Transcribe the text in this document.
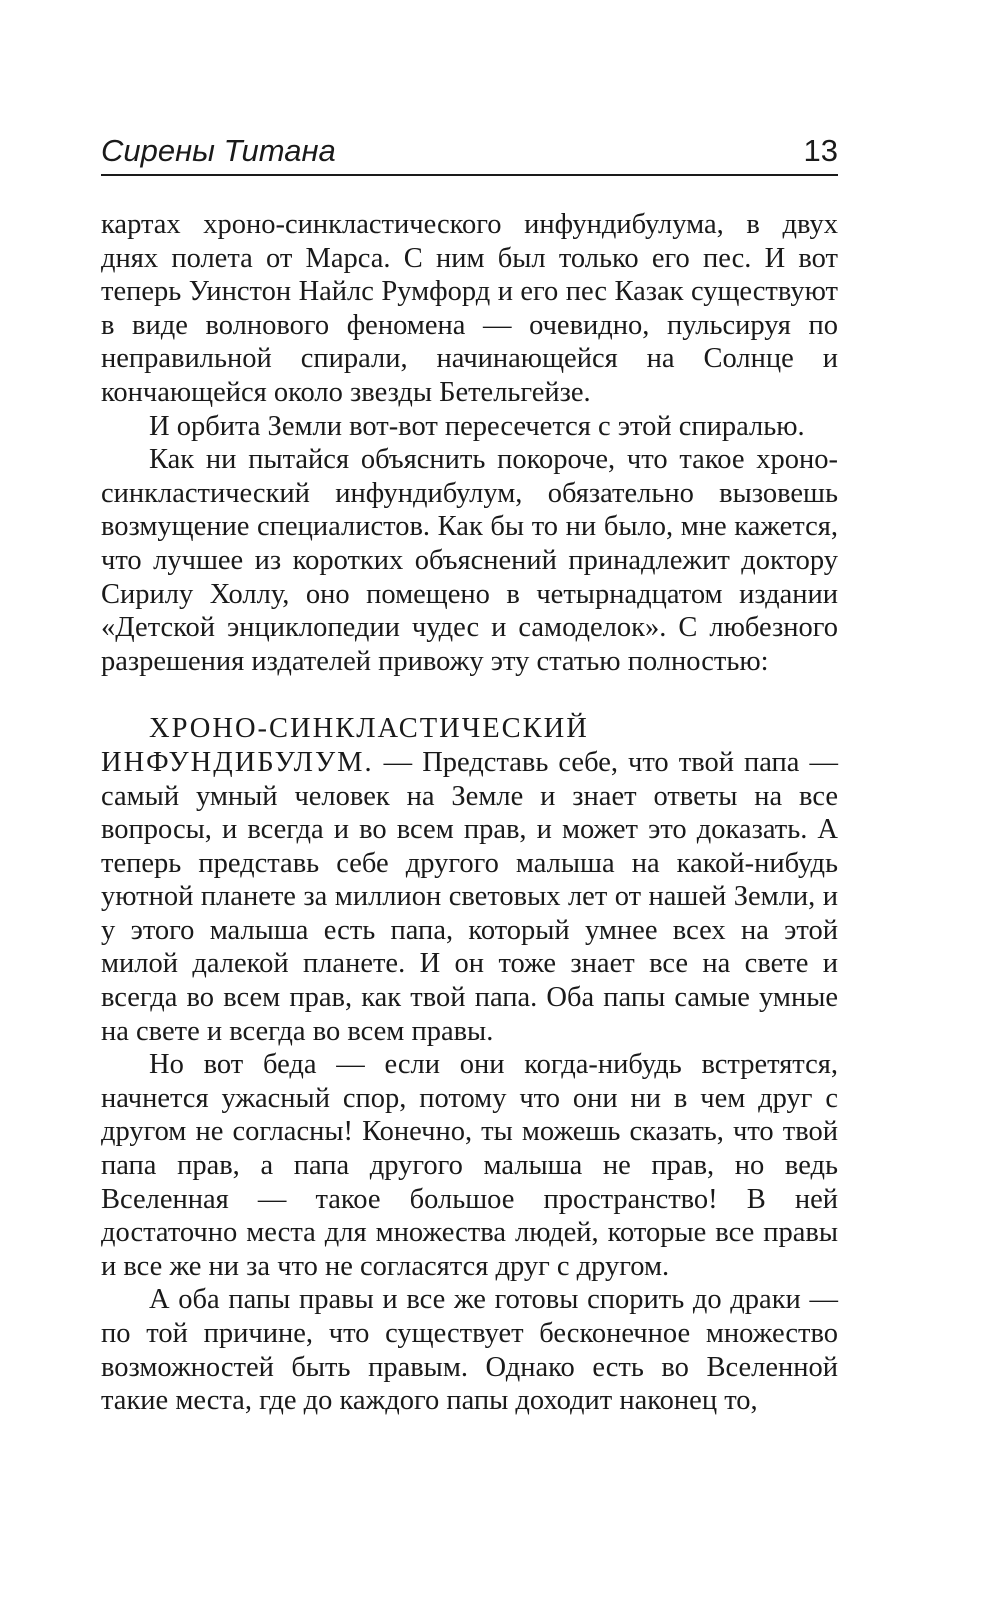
Сирены Титана	13

картах хроно-синкластического инфундибулума, в двух днях полета от Марса. С ним был только его пес. И вот теперь Уинстон Найлс Румфорд и его пес Казак существуют в виде волнового феномена — очевидно, пульсируя по неправильной спирали, начинающейся на Солнце и кончающейся около звезды Бетельгейзе.

И орбита Земли вот-вот пересечется с этой спиралью.

Как ни пытайся объяснить покороче, что такое хроно-синкластический инфундибулум, обязательно вызовешь возмущение специалистов. Как бы то ни было, мне кажется, что лучшее из коротких объяснений принадлежит доктору Сирилу Холлу, оно помещено в четырнадцатом издании «Детской энциклопедии чудес и самоделок». С любезного разрешения издателей привожу эту статью полностью:

ХРОНО-СИНКЛАСТИЧЕСКИЙ ИНФУНДИБУЛУМ. — Представь себе, что твой папа — самый умный человек на Земле и знает ответы на все вопросы, и всегда и во всем прав, и может это доказать. А теперь представь себе другого малыша на какой-нибудь уютной планете за миллион световых лет от нашей Земли, и у этого малыша есть папа, который умнее всех на этой милой далекой планете. И он тоже знает все на свете и всегда во всем прав, как твой папа. Оба папы самые умные на свете и всегда во всем правы.

Но вот беда — если они когда-нибудь встретятся, начнется ужасный спор, потому что они ни в чем друг с другом не согласны! Конечно, ты можешь сказать, что твой папа прав, а папа другого малыша не прав, но ведь Вселенная — такое большое пространство! В ней достаточно места для множества людей, которые все правы и все же ни за что не согласятся друг с другом.

А оба папы правы и все же готовы спорить до драки — по той причине, что существует бесконечное множество возможностей быть правым. Однако есть во Вселенной такие места, где до каждого папы доходит наконец то,
